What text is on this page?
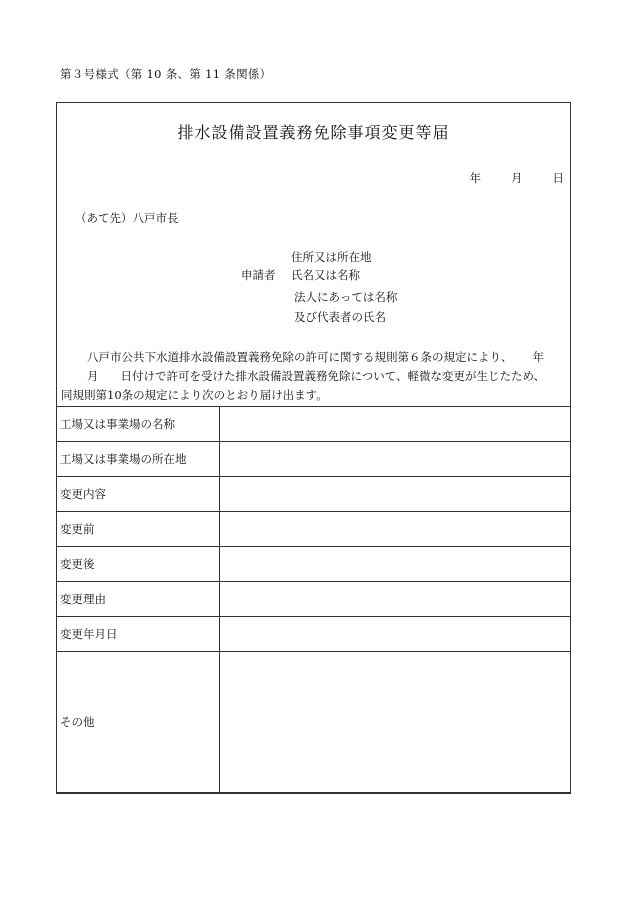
第３号様式（第 10 条、第 11 条関係）
排水設備設置義務免除事項変更等届
年	月	日
（あて先）八戸市長
住所又は所在地
申請者 氏名又は名称
法人にあっては名称
及び代表者の氏名
八戸市公共下水道排水設備設置義務免除の許可に関する規則第６条の規定により、 年
月 日付けで許可を受けた排水設備設置義務免除について、軽微な変更が生じたため、
同規則第10条の規定により次のとおり届け出ます。
工場又は事業場の名称	
工場又は事業場の所在地	
変更内容	
変更前	
変更後	
変更理由	
変更年月日	
その他	
